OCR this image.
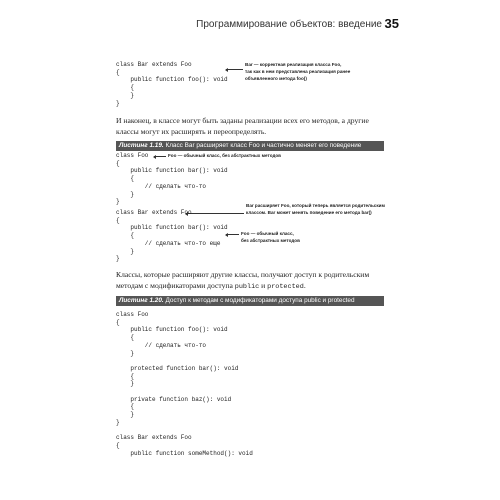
Программирование объектов: введение 35
class Bar extends Foo
{
public function foo(): void
{
}
}
Bar — корректная реализация класса Foo,
так как в нем представлена реализация ранее
объявленного метода foo()

И наконец, в классе могут быть заданы реализации всех его методов, а другие классы могут их расширять и переопределять.

Листинг 1.19. Класс Bar расширяет класс Foo и частично меняет его поведение
class Foo
{
public function bar(): void
{
// сделать что-то
}
}
Foo — обычный класс, без абстрактных методов
Bar расширяет Foo, который теперь является родительским
классом. Bar может менять поведение его метода bar()
class Bar extends Foo
{
public function bar(): void
{
// сделать что-то еще
}
}
Foo — обычный класс,
без абстрактных методов

Классы, которые расширяют другие классы, получают доступ к родительским методам с модификаторами доступа public и protected.

Листинг 1.20. Доступ к методам с модификаторами доступа public и protected
class Foo
{
public function foo(): void
{
// сделать что-то
}

protected function bar(): void
{
}

private function baz(): void
{
}
}

class Bar extends Foo
{
public function someMethod(): void
